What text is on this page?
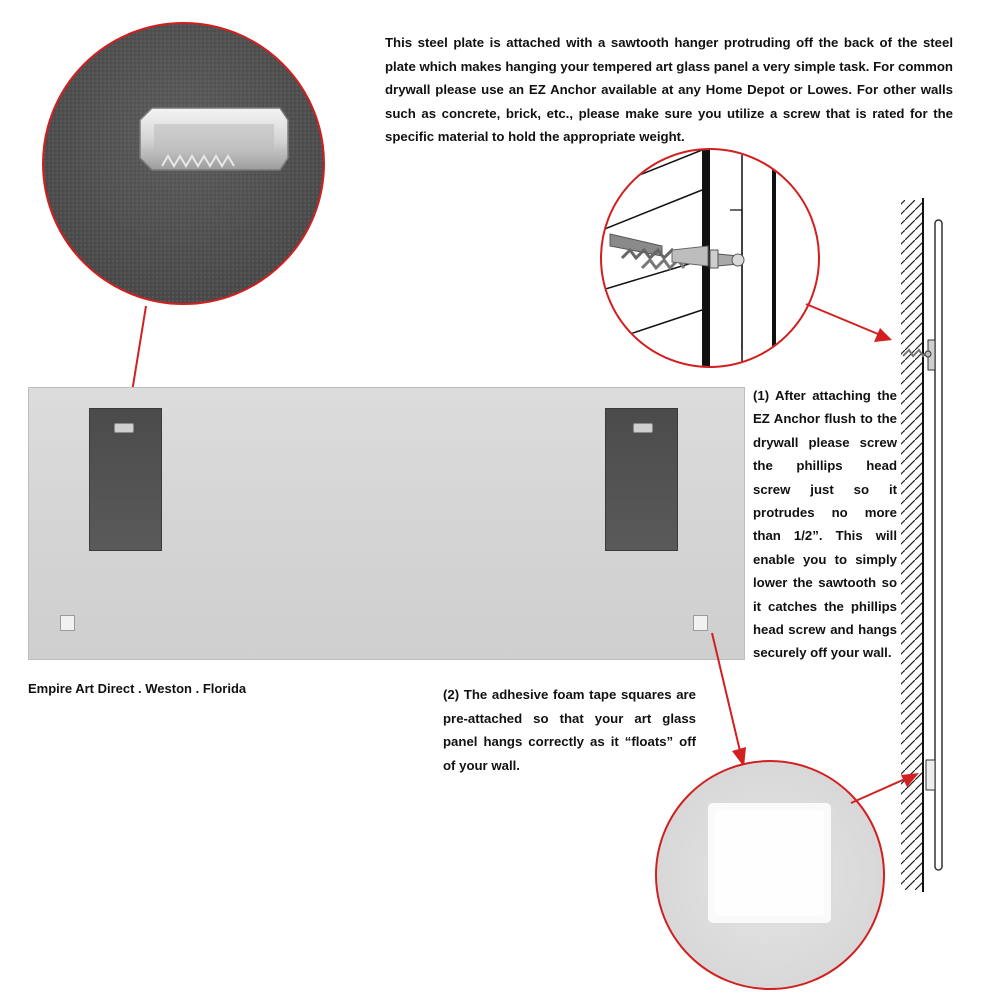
This steel plate is attached with a sawtooth hanger protruding off the back of the steel plate which makes hanging your tempered art glass panel a very simple task. For common drywall please use an EZ Anchor available at any Home Depot or Lowes. For other walls such as concrete, brick, etc., please make sure you utilize a screw that is rated for the specific material to hold the appropriate weight.

Empire Art Direct . Weston . Florida

(1) After attaching the EZ Anchor flush to the drywall please screw the phillips head screw just so it protrudes no more than 1/2”. This will enable you to simply lower the sawtooth so it catches the phillips head screw and hangs securely off your wall.

(2) The adhesive foam tape squares are pre-attached so that your art glass panel hangs correctly as it “floats” off of your wall.
